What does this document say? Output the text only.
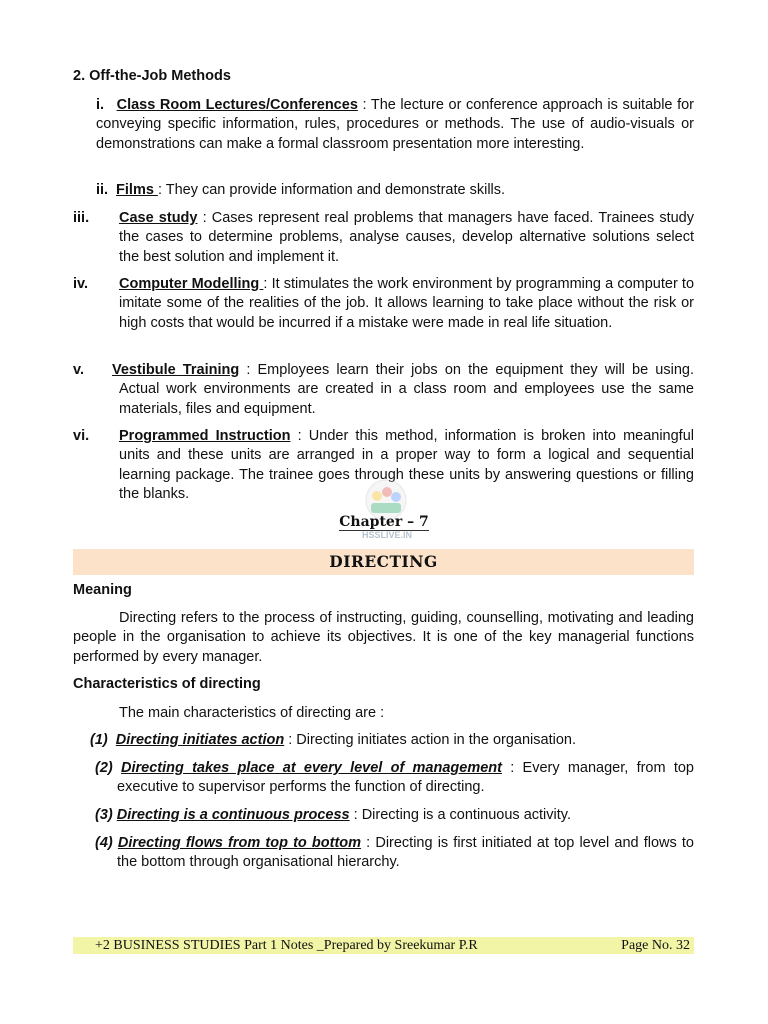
2. Off-the-Job Methods
i. Class Room Lectures/Conferences : The lecture or conference approach is suitable for conveying specific information, rules, procedures or methods. The use of audio-visuals or demonstrations can make a formal classroom presentation more interesting.
ii. Films : They can provide information and demonstrate skills.
iii. Case study : Cases represent real problems that managers have faced. Trainees study the cases to determine problems, analyse causes, develop alternative solutions select the best solution and implement it.
iv. Computer Modelling : It stimulates the work environment by programming a computer to imitate some of the realities of the job. It allows learning to take place without the risk or high costs that would be incurred if a mistake were made in real life situation.
v. Vestibule Training : Employees learn their jobs on the equipment they will be using. Actual work environments are created in a class room and employees use the same materials, files and equipment.
vi. Programmed Instruction : Under this method, information is broken into meaningful units and these units are arranged in a proper way to form a logical and sequential learning package. The trainee goes through these units by answering questions or filling the blanks.
HSSLIVE.IN
Chapter – 7
DIRECTING
Meaning
Directing refers to the process of instructing, guiding, counselling, motivating and leading people in the organisation to achieve its objectives. It is one of the key managerial functions performed by every manager.
Characteristics of directing
The main characteristics of directing are :
(1) Directing initiates action : Directing initiates action in the organisation.
(2) Directing takes place at every level of management : Every manager, from top executive to supervisor performs the function of directing.
(3) Directing is a continuous process : Directing is a continuous activity.
(4) Directing flows from top to bottom : Directing is first initiated at top level and flows to the bottom through organisational hierarchy.
+2 BUSINESS STUDIES Part 1 Notes _Prepared by Sreekumar P.R	Page No. 32
